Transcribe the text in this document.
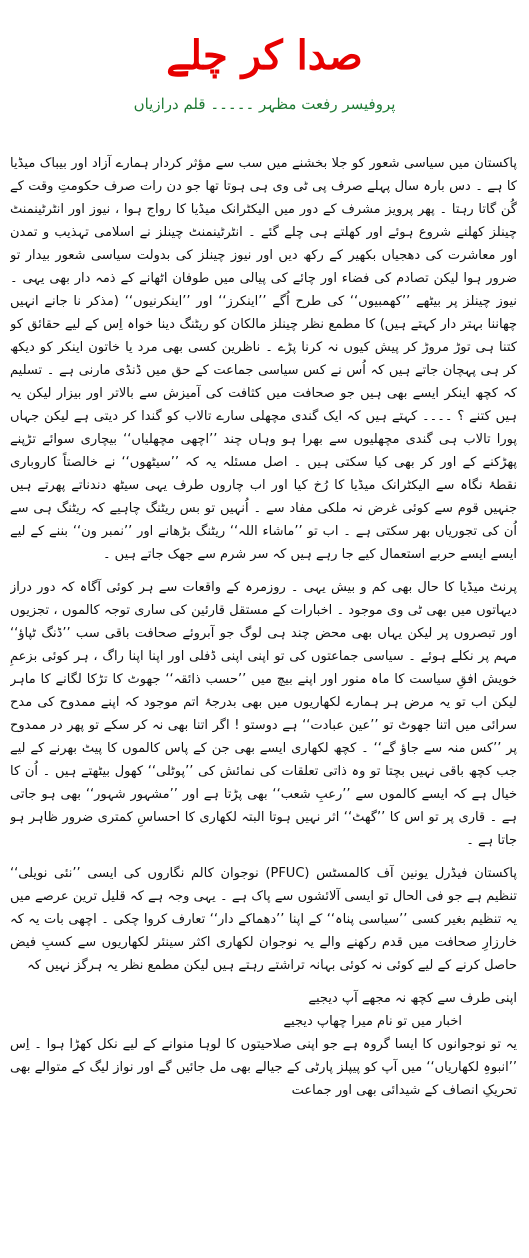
صدا کر چلے
پروفیسر رفعت مظہر ۔۔۔۔۔ قلم درازیاں

پاکستان میں سیاسی شعور کو جلا بخشنے میں سب سے مؤثر کردار ہمارے آزاد اور بیباک میڈیا کا ہے ۔ دس بارہ سال پہلے صرف پی ٹی وی ہی ہوتا تھا جو دن رات صرف حکومتِ وقت کے گُن گاتا رہتا ۔ پھر پرویز مشرف کے دور میں الیکٹرانک میڈیا کا رواج ہوا ، نیوز اور انٹرٹینمنٹ چینلز کھلنے شروع ہوئے اور کھلتے ہی چلے گئے ۔ انٹرٹینمنٹ چینلز نے اسلامی تہذیب و تمدن اور معاشرت کی دھجیاں بکھیر کے رکھ دیں اور نیوز چینلز کی بدولت سیاسی شعور بیدار تو ضرور ہوا لیکن تصادم کی فضاء اور چائے کی پیالی میں طوفان اٹھانے کے ذمہ دار بھی یہی ۔ نیوز چینلز پر بیٹھے ’’کھمبیوں‘‘ کی طرح اُگے ’’اینکرز‘‘ اور ’’اینکرنیوں‘‘ (مذکر نا جانے انہیں چھاننا بہتر دار کہتے ہیں) کا مطمع نظر چینلز مالکان کو ریٹنگ دینا خواہ اِس کے لیے حقائق کو کتنا ہی توڑ مروڑ کر پیش کیوں نہ کرنا پڑے ۔ ناظرین کسی بھی مرد یا خاتون اینکر کو دیکھ کر ہی پہچان جاتے ہیں کہ اُس نے کس سیاسی جماعت کے حق میں ڈنڈی مارنی ہے ۔ تسلیم کہ کچھ اینکر ایسے بھی ہیں جو صحافت میں کثافت کی آمیزش سے بالاتر اور بیزار لیکن یہ ہیں کتنے ؟ ۔۔۔۔ کہتے ہیں کہ ایک گندی مچھلی سارے تالاب کو گندا کر دیتی ہے لیکن جہاں پورا تالاب ہی گندی مچھلیوں سے بھرا ہو وہاں چند ’’اچھی مچھلیاں‘‘ بیچاری سوائے تڑپنے پھڑکنے کے اور کر بھی کیا سکتی ہیں ۔ اصل مسئلہ یہ کہ ’’سیٹھوں‘‘ نے خالصتاً کاروباری نقطۂ نگاہ سے الیکٹرانک میڈیا کا رُخ کیا اور اب چاروں طرف یہی سیٹھ دندناتے پھرتے ہیں جنہیں قوم سے کوئی غرض نہ ملکی مفاد سے ۔ اُنہیں تو بس ریٹنگ چاہیے کہ ریٹنگ ہی سے اُن کی تجوریاں بھر سکتی ہے ۔ اب تو ’’ماشاء اللہ‘‘ ریٹنگ بڑھانے اور ’’نمبر ون‘‘ بننے کے لیے ایسے ایسے حربے استعمال کیے جا رہے ہیں کہ سر شرم سے جھک جاتے ہیں ۔

پرنٹ میڈیا کا حال بھی کم و بیش یہی ۔ روزمرہ کے واقعات سے ہر کوئی آگاہ کہ دور دراز دیہاتوں میں بھی ٹی وی موجود ۔ اخبارات کے مستقل قارئین کی ساری توجہ کالموں ، تجزیوں اور تبصروں پر لیکن یہاں بھی محض چند ہی لوگ جو آبروئے صحافت باقی سب ’’ڈنگ ٹپاؤ‘‘ مہم پر نکلے ہوئے ۔ سیاسی جماعتوں کی تو اپنی اپنی ڈفلی اور اپنا اپنا راگ ، ہر کوئی بزعمِ خویش افقِ سیاست کا ماہ منور اور اپنے بیچ میں ’’حسب ذائقہ‘‘ جھوٹ کا تڑکا لگانے کا ماہر لیکن اب تو یہ مرض ہر ہمارے لکھاریوں میں بھی بدرجۂ اتم موجود کہ اپنے ممدوح کی مدح سرائی میں اتنا جھوٹ تو ’’عین عبادت‘‘ ہے دوستو ! اگر اتنا بھی نہ کر سکے تو پھر در ممدوح پر ’’کس منہ سے جاؤ گے‘‘ ۔ کچھ لکھاری ایسے بھی جن کے پاس کالموں کا پیٹ بھرنے کے لیے جب کچھ باقی نہیں بچتا تو وہ ذاتی تعلقات کی نمائش کی ’’پوٹلی‘‘ کھول بیٹھتے ہیں ۔ اُن کا خیال ہے کہ ایسے کالموں سے ’’رعبِ شعب‘‘ بھی پڑتا ہے اور ’’مشہور شہور‘‘ بھی ہو جاتی ہے ۔ قاری پر تو اس کا ’’گھٹ‘‘ اثر نہیں ہوتا البتہ لکھاری کا احساسِ کمتری ضرور ظاہر ہو جاتا ہے ۔

پاکستان فیڈرل یونین آف کالمسٹس (PFUC) نوجوان کالم نگاروں کی ایسی ’’نئی نویلی‘‘ تنظیم ہے جو فی الحال تو ایسی آلائشوں سے پاک ہے ۔ یہی وجہ ہے کہ قلیل ترین عرصے میں یہ تنظیم بغیر کسی ’’سیاسی پناہ‘‘ کے اپنا ’’دھماکے دار‘‘ تعارف کروا چکی ۔ اچھی بات یہ کہ خارزارِ صحافت میں قدم رکھنے والے یہ نوجوان لکھاری اکثر سینئر لکھاریوں سے کسبِ فیض حاصل کرنے کے لیے کوئی نہ کوئی بہانہ تراشتے رہتے ہیں لیکن مطمع نظر یہ ہرگز نہیں کہ

اپنی طرف سے کچھ نہ مجھے آپ دیجیے
اخبار میں تو نام میرا چھاپ دیجیے

یہ تو نوجوانوں کا ایسا گروہ ہے جو اپنی صلاحیتوں کا لوہا منوانے کے لیے نکل کھڑا ہوا ۔ اِس ’’انبوہِ لکھاریاں‘‘ میں آپ کو پیپلز پارٹی کے جیالے بھی مل جائیں گے اور نواز لیگ کے متوالے بھی تحریکِ انصاف کے شیدائی بھی اور جماعت
